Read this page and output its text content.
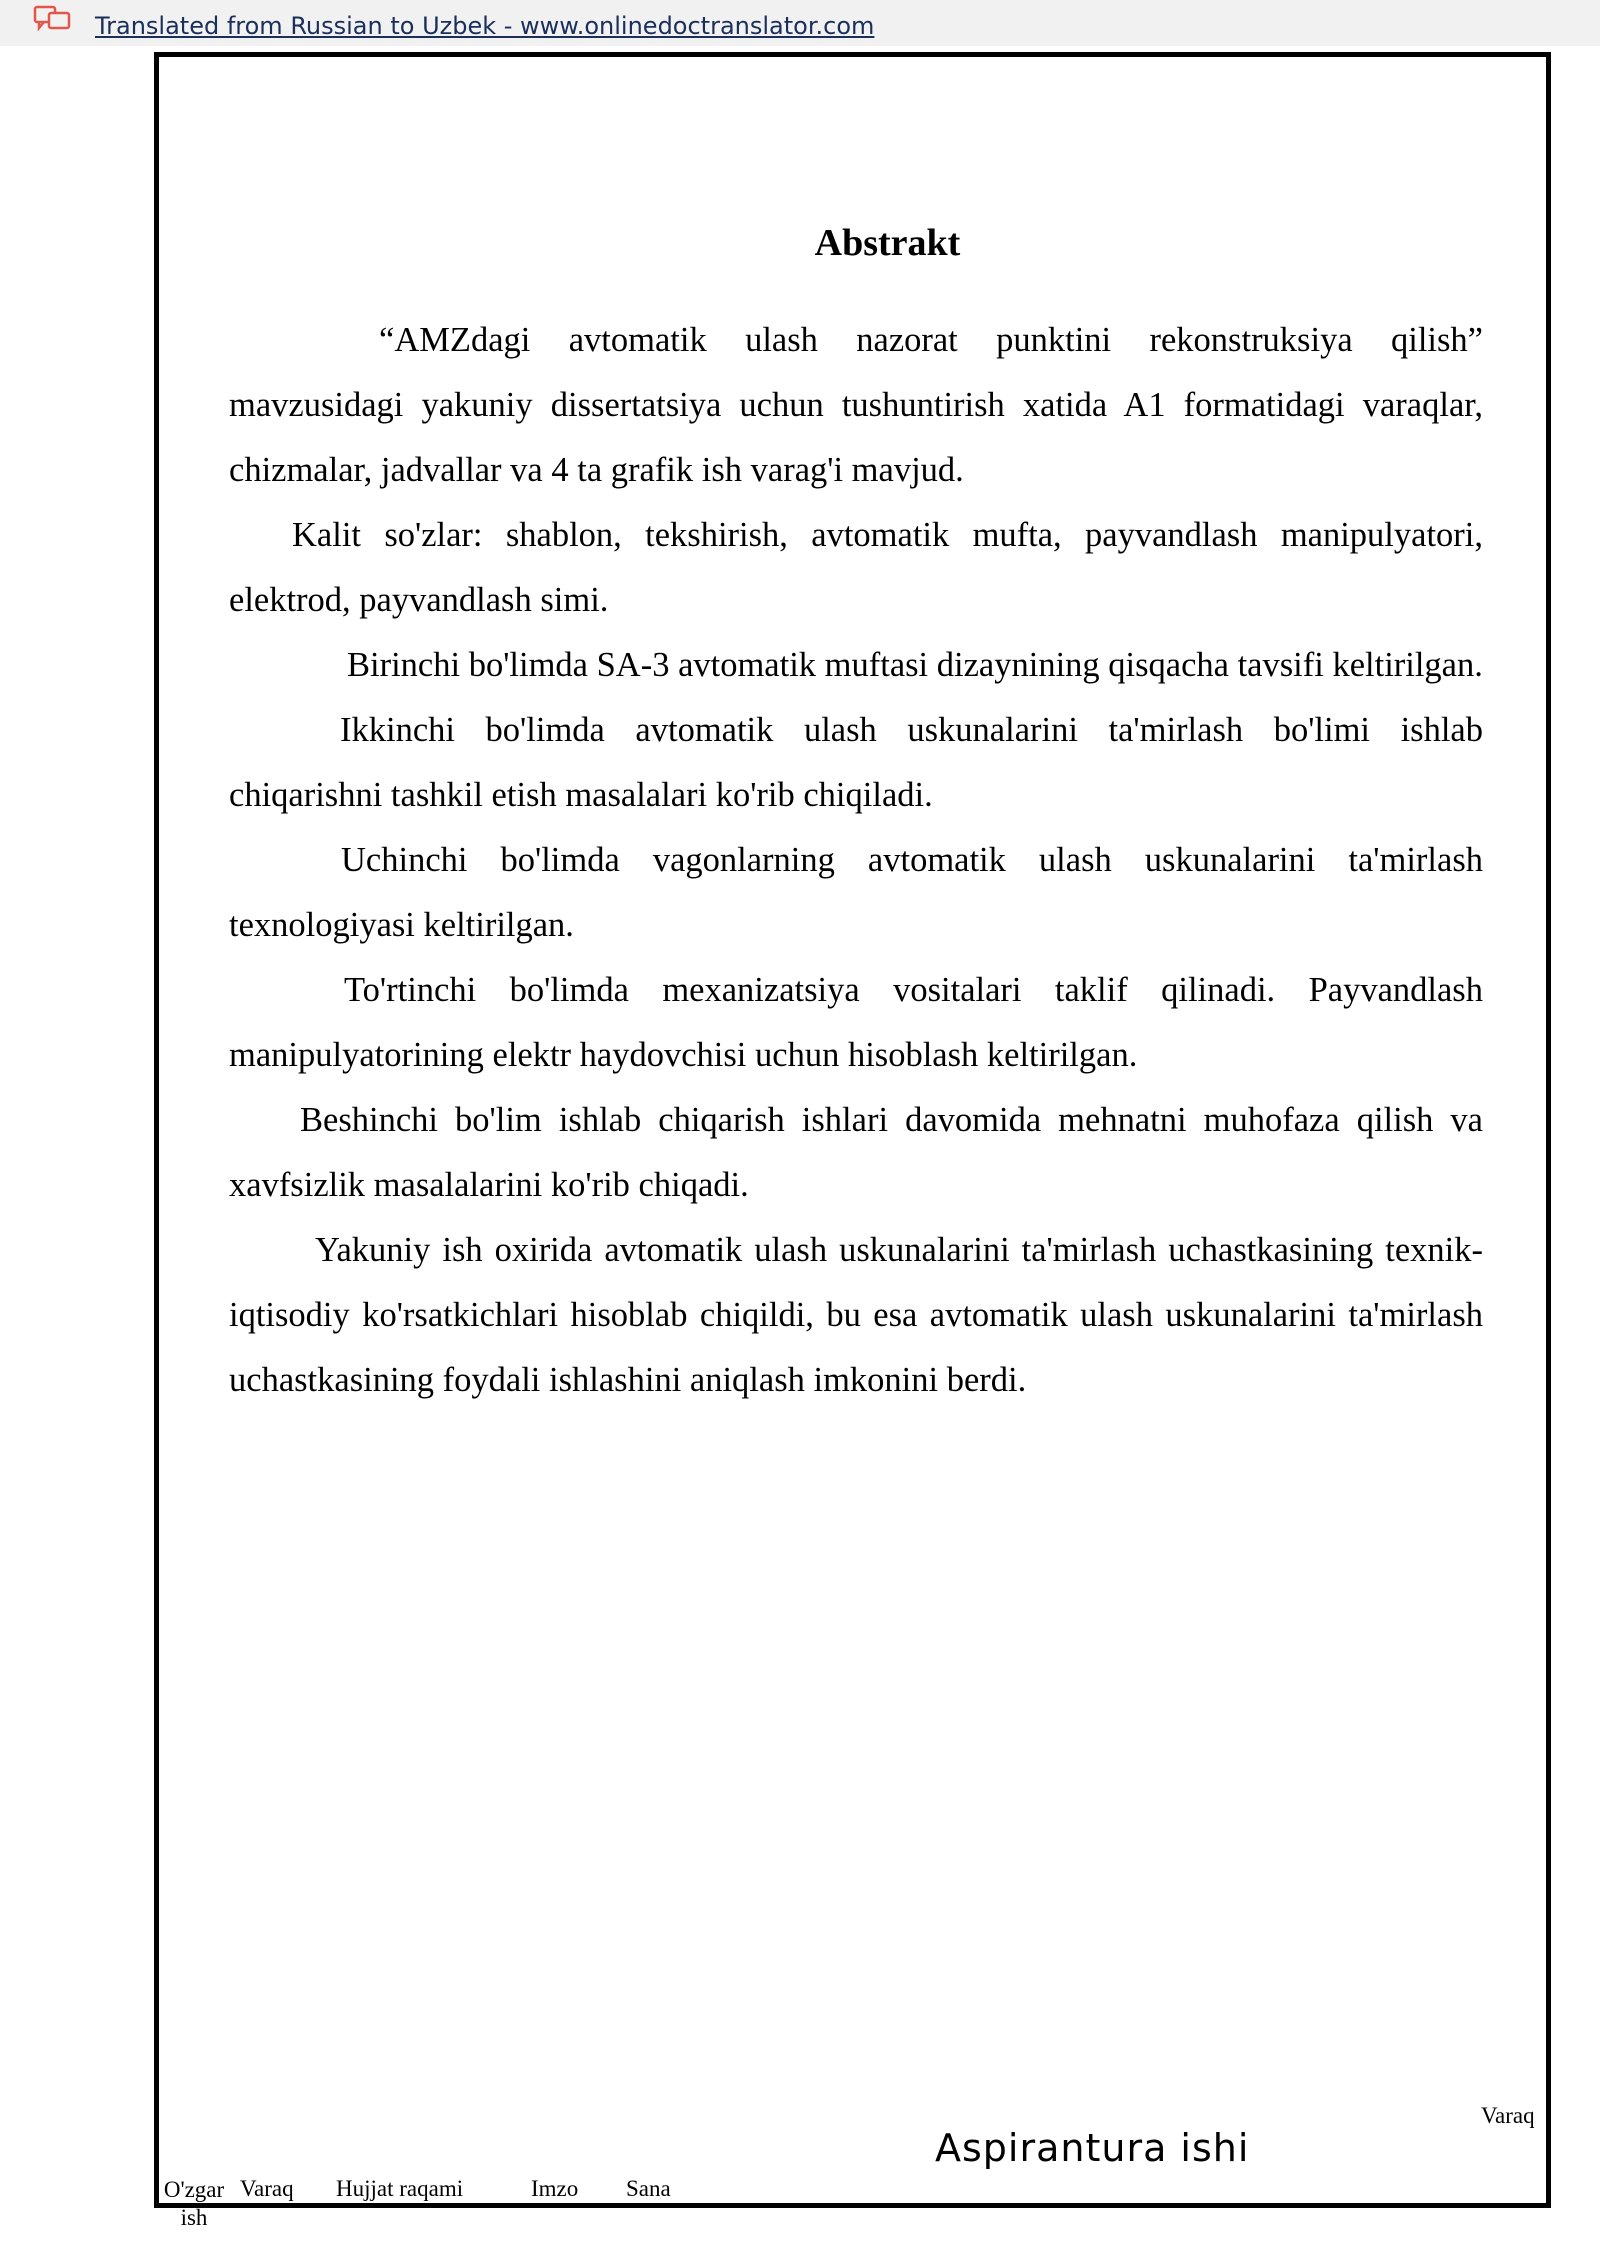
Translated from Russian to Uzbek - www.onlinedoctranslator.com
Abstrakt

“AMZdagi avtomatik ulash nazorat punktini rekonstruksiya qilish” mavzusidagi yakuniy dissertatsiya uchun tushuntirish xatida A1 formatidagi varaqlar, chizmalar, jadvallar va 4 ta grafik ish varag'i mavjud.

Kalit so'zlar: shablon, tekshirish, avtomatik mufta, payvandlash manipulyatori, elektrod, payvandlash simi.

Birinchi bo'limda SA-3 avtomatik muftasi dizaynining qisqacha tavsifi keltirilgan.

Ikkinchi bo'limda avtomatik ulash uskunalarini ta'mirlash bo'limi ishlab chiqarishni tashkil etish masalalari ko'rib chiqiladi.

Uchinchi bo'limda vagonlarning avtomatik ulash uskunalarini ta'mirlash texnologiyasi keltirilgan.

To'rtinchi bo'limda mexanizatsiya vositalari taklif qilinadi. Payvandlash manipulyatorining elektr haydovchisi uchun hisoblash keltirilgan.

Beshinchi bo'lim ishlab chiqarish ishlari davomida mehnatni muhofaza qilish va xavfsizlik masalalarini ko'rib chiqadi.

Yakuniy ish oxirida avtomatik ulash uskunalarini ta'mirlash uchastkasining texnik-iqtisodiy ko'rsatkichlari hisoblab chiqildi, bu esa avtomatik ulash uskunalarini ta'mirlash uchastkasining foydali ishlashini aniqlash imkonini berdi.

Varaq
Aspirantura ishi
O'zgar ish
Varaq Hujjat raqami	Imzo Sana
